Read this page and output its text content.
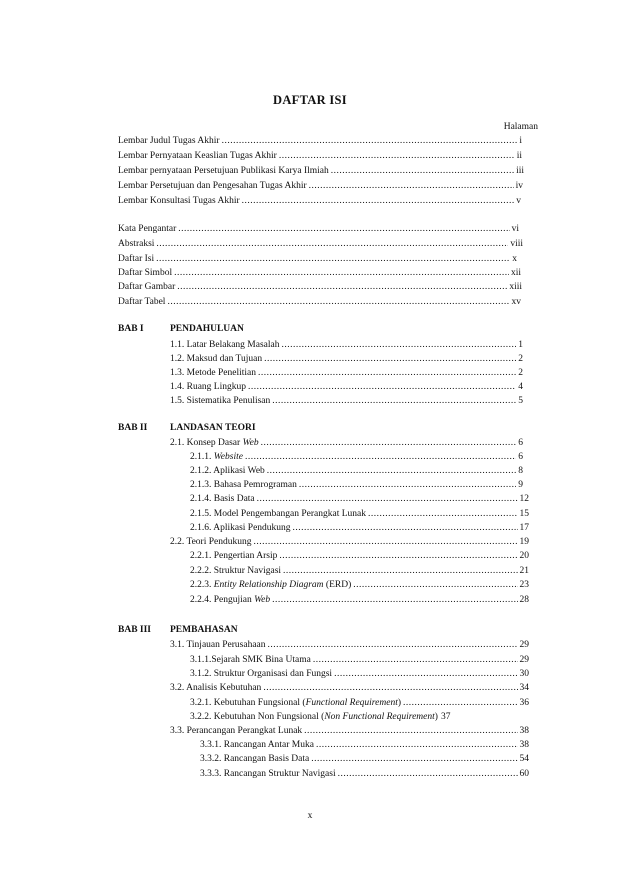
DAFTAR ISI
Halaman
Lembar Judul Tugas Akhir .....	i
Lembar Pernyataan Keaslian Tugas Akhir .....	ii
Lembar pernyataan Persetujuan Publikasi Karya Ilmiah .....	iii
Lembar Persetujuan dan Pengesahan Tugas Akhir .....	iv
Lembar Konsultasi Tugas Akhir .....	v
Kata Pengantar .....	vi
Abstraksi .....	viii
Daftar Isi .....	x
Daftar Simbol .....	xii
Daftar Gambar .....	xiii
Daftar Tabel .....	xv
BAB I	PENDAHULUAN
1.1. Latar Belakang Masalah .....	1
1.2. Maksud dan Tujuan .....	2
1.3. Metode Penelitian .....	2
1.4. Ruang Lingkup .....	4
1.5. Sistematika Penulisan .....	5
BAB II LANDASAN TEORI
2.1. Konsep Dasar Web .....	6
2.1.1. Website .....	6
2.1.2. Aplikasi Web .....	8
2.1.3. Bahasa Pemrograman .....	9
2.1.4. Basis Data .....	12
2.1.5. Model Pengembangan Perangkat Lunak .....	15
2.1.6. Aplikasi Pendukung .....	17
2.2. Teori Pendukung .....	19
2.2.1. Pengertian Arsip .....	20
2.2.2. Struktur Navigasi .....	21
2.2.3. Entity Relationship Diagram (ERD) .....	23
2.2.4. Pengujian Web .....	28
BAB III PEMBAHASAN
3.1. Tinjauan Perusahaan .....	29
3.1.1.Sejarah SMK Bina Utama .....	29
3.1.2. Struktur Organisasi dan Fungsi .....	30
3.2. Analisis Kebutuhan .....	34
3.2.1. Kebutuhan Fungsional (Functional Requirement) .....	36
3.2.2. Kebutuhan Non Fungsional (Non Functional Requirement) 37
3.3. Perancangan Perangkat Lunak .....	38
3.3.1. Rancangan Antar Muka .....	38
3.3.2. Rancangan Basis Data .....	54
3.3.3. Rancangan Struktur Navigasi .....	60
x
